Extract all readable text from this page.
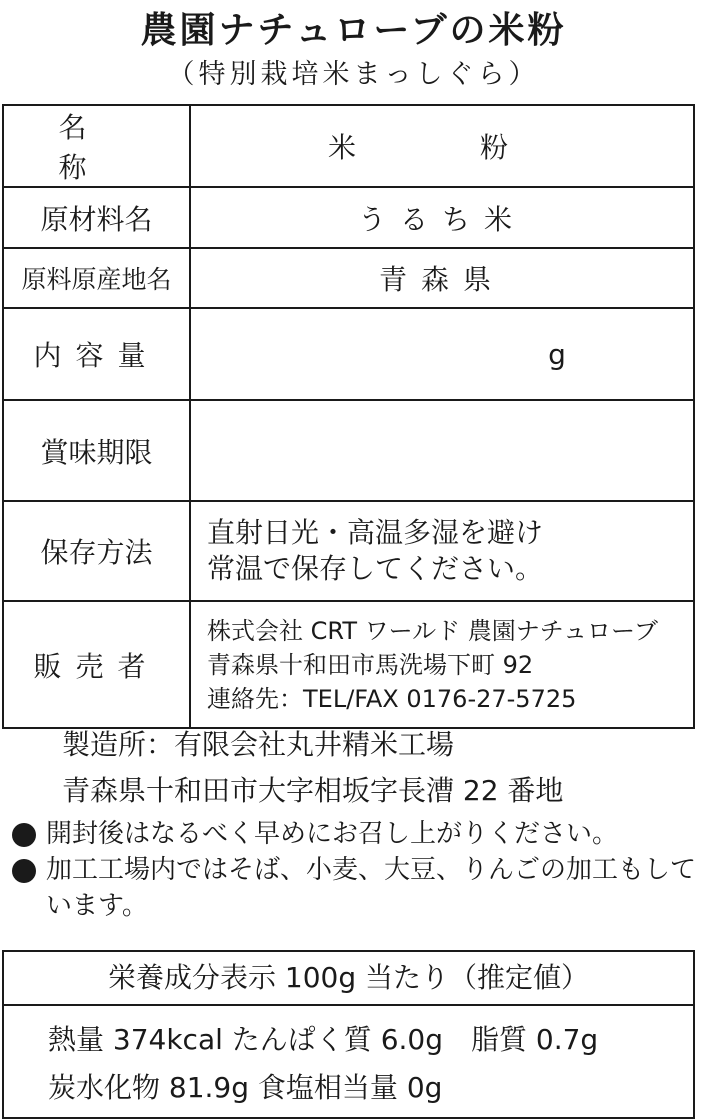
農園ナチュローブの米粉
（特別栽培米まっしぐら）
名　称	米　粉
原材料名	うるち米
原料原産地名	青森県
内容量	g
賞味期限	
保存方法	直射日光・高温多湿を避け
常温で保存してください。

販売者	株式会社 CRT ワールド 農園ナチュローブ
青森県十和田市馬洗場下町 92
連絡先：TEL/FAX 0176-27-5725
製造所：有限会社丸井精米工場
青森県十和田市大字相坂字長漕 22 番地
開封後はなるべく早めにお召し上がりください。
加工工場内ではそば、小麦、大豆、りんごの加工もしています。
栄養成分表示 100g 当たり（推定値）
熱量 374kcal たんぱく質 6.0g　脂質 0.7g
炭水化物 81.9g 食塩相当量 0g
